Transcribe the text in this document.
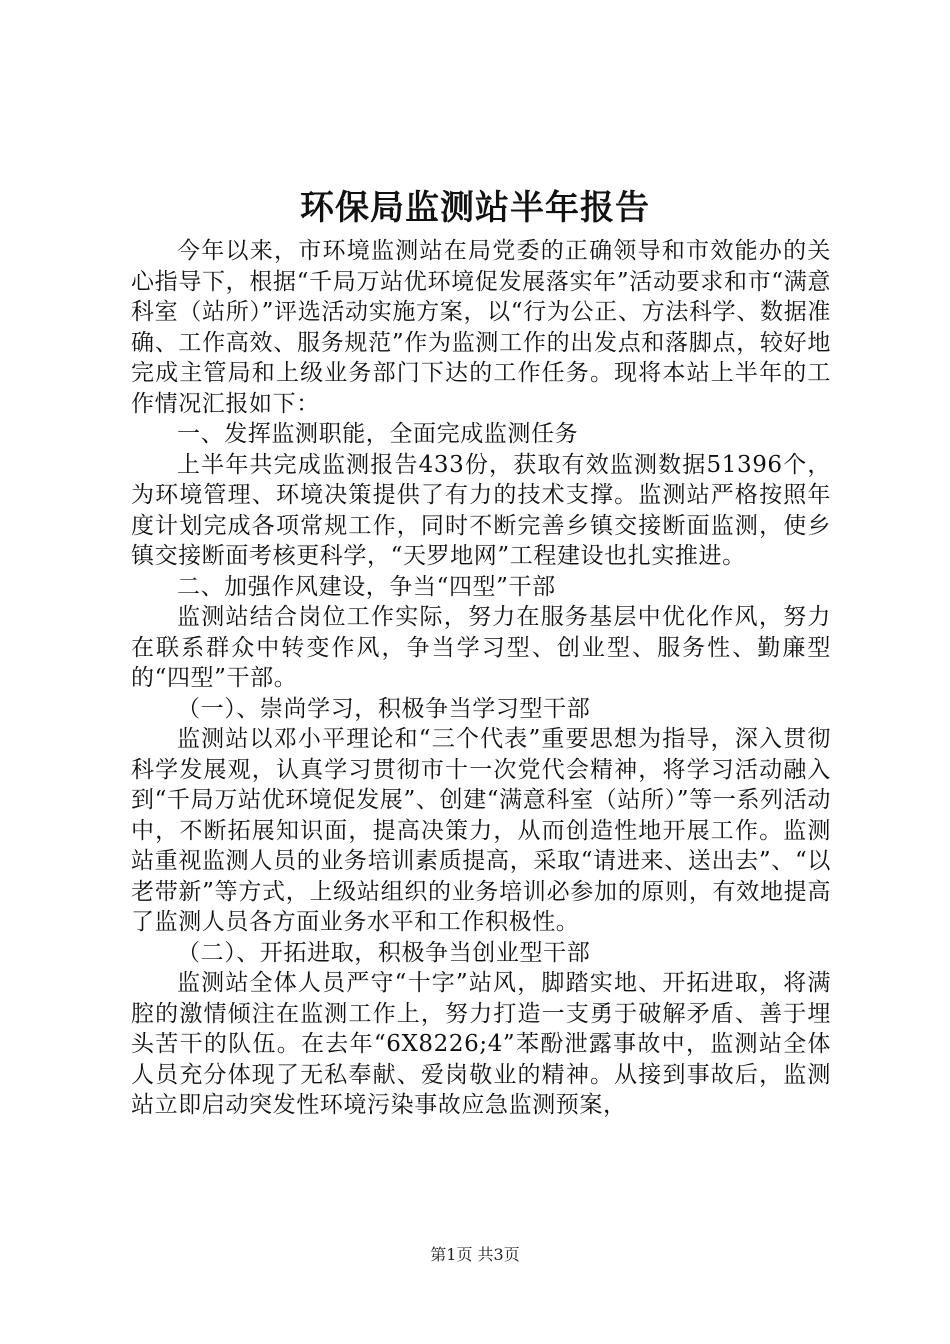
环保局监测站半年报告

今年以来，市环境监测站在局党委的正确领导和市效能办的关心指导下，根据“千局万站优环境促发展落实年”活动要求和市“满意科室（站所）”评选活动实施方案，以“行为公正、方法科学、数据准确、工作高效、服务规范”作为监测工作的出发点和落脚点，较好地完成主管局和上级业务部门下达的工作任务。现将本站上半年的工作情况汇报如下：

一、发挥监测职能，全面完成监测任务

上半年共完成监测报告433份，获取有效监测数据51396个，为环境管理、环境决策提供了有力的技术支撑。监测站严格按照年度计划完成各项常规工作，同时不断完善乡镇交接断面监测，使乡镇交接断面考核更科学，“天罗地网”工程建设也扎实推进。

二、加强作风建设，争当“四型”干部

监测站结合岗位工作实际，努力在服务基层中优化作风，努力在联系群众中转变作风，争当学习型、创业型、服务性、勤廉型的“四型”干部。

（一）、崇尚学习，积极争当学习型干部

监测站以邓小平理论和“三个代表”重要思想为指导，深入贯彻科学发展观，认真学习贯彻市十一次党代会精神，将学习活动融入到“千局万站优环境促发展”、创建“满意科室（站所）”等一系列活动中，不断拓展知识面，提高决策力，从而创造性地开展工作。监测站重视监测人员的业务培训素质提高，采取“请进来、送出去”、“以老带新”等方式，上级站组织的业务培训必参加的原则，有效地提高了监测人员各方面业务水平和工作积极性。

（二）、开拓进取，积极争当创业型干部

监测站全体人员严守“十字”站风，脚踏实地、开拓进取，将满腔的激情倾注在监测工作上，努力打造一支勇于破解矛盾、善于埋头苦干的队伍。在去年“6X8226;4”苯酚泄露事故中，监测站全体人员充分体现了无私奉献、爱岗敬业的精神。从接到事故后，监测站立即启动突发性环境污染事故应急监测预案，

第1页 共3页
